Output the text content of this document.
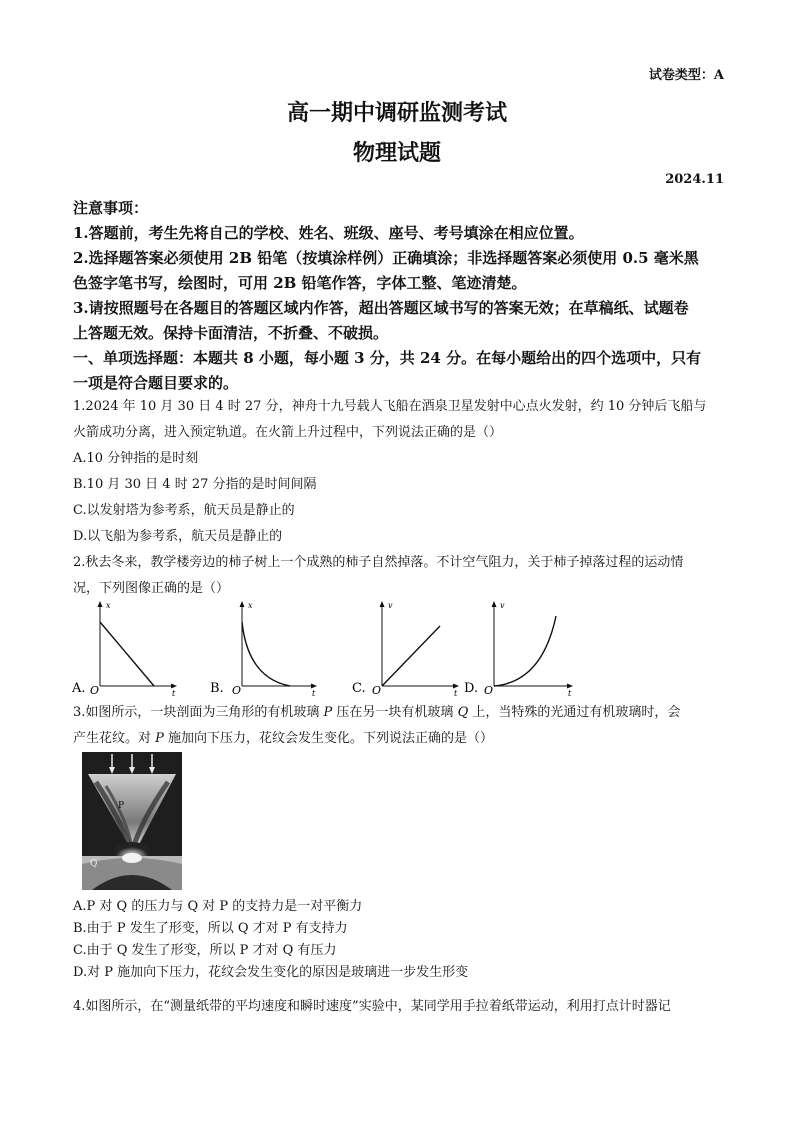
试卷类型：A
高一期中调研监测考试
物理试题
2024.11
注意事项：
1.答题前，考生先将自己的学校、姓名、班级、座号、考号填涂在相应位置。
2.选择题答案必须使用 2B 铅笔（按填涂样例）正确填涂；非选择题答案必须使用 0.5 毫米黑
色签字笔书写，绘图时，可用 2B 铅笔作答，字体工整、笔迹清楚。
3.请按照题号在各题目的答题区域内作答，超出答题区域书写的答案无效；在草稿纸、试题卷
上答题无效。保持卡面清洁，不折叠、不破损。
一、单项选择题：本题共 8 小题，每小题 3 分，共 24 分。在每小题给出的四个选项中，只有
一项是符合题目要求的。
1.2024 年 10 月 30 日 4 时 27 分，神舟十九号载人飞船在酒泉卫星发射中心点火发射，约 10 分钟后飞船与
火箭成功分离，进入预定轨道。在火箭上升过程中，下列说法正确的是（）
A.10 分钟指的是时刻
B.10 月 30 日 4 时 27 分指的是时间间隔
C.以发射塔为参考系，航天员是静止的
D.以飞船为参考系，航天员是静止的
2.秋去冬来，教学楼旁边的柿子树上一个成熟的柿子自然掉落。不计空气阻力，关于柿子掉落过程的运动情
况，下列图像正确的是（）
A.
x
t
O	B.
x
t
O	C.
v
t
O	D.
v
t
O
3.如图所示，一块剖面为三角形的有机玻璃 P 压在另一块有机玻璃 Q 上，当特殊的光通过有机玻璃时，会
产生花纹。对 P 施加向下压力，花纹会发生变化。下列说法正确的是（）
P
Q
A.P 对 Q 的压力与 Q 对 P 的支持力是一对平衡力
B.由于 P 发生了形变，所以 Q 才对 P 有支持力
C.由于 Q 发生了形变，所以 P 才对 Q 有压力
D.对 P 施加向下压力，花纹会发生变化的原因是玻璃进一步发生形变
4.如图所示，在“测量纸带的平均速度和瞬时速度”实验中，某同学用手拉着纸带运动，利用打点计时器记
